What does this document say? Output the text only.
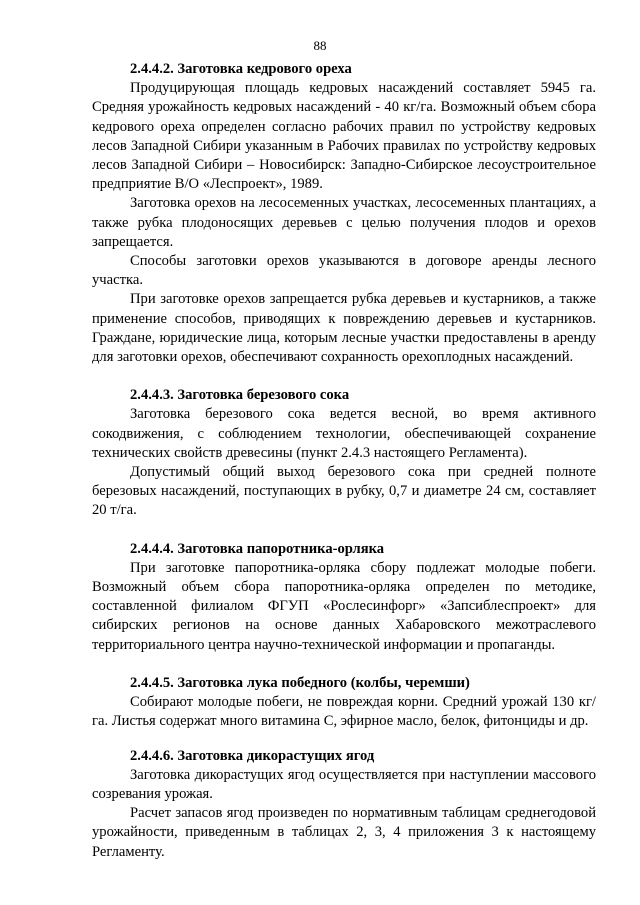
88

2.4.4.2. Заготовка кедрового ореха

Продуцирующая площадь кедровых насаждений составляет 5945 га. Средняя урожайность кедровых насаждений - 40 кг/га. Возможный объем сбора кедрового ореха определен согласно рабочих правил по устройству кедровых лесов Западной Сибири указанным в Рабочих правилах по устройству кедровых лесов Западной Сибири – Новосибирск: Западно-Сибирское лесоустроительное предприятие В/О «Леспроект», 1989.

Заготовка орехов на лесосеменных участках, лесосеменных плантациях, а также рубка плодоносящих деревьев с целью получения плодов и орехов запрещается.

Способы заготовки орехов указываются в договоре аренды лесного участка.

При заготовке орехов запрещается рубка деревьев и кустарников, а также применение способов, приводящих к повреждению деревьев и кустарников. Граждане, юридические лица, которым лесные участки предоставлены в аренду для заготовки орехов, обеспечивают сохранность орехоплодных насаждений.

2.4.4.3. Заготовка березового сока

Заготовка березового сока ведется весной, во время активного сокодвижения, с соблюдением технологии, обеспечивающей сохранение технических свойств древесины (пункт 2.4.3 настоящего Регламента).

Допустимый общий выход березового сока при средней полноте березовых насаждений, поступающих в рубку, 0,7 и диаметре 24 см, составляет 20 т/га.

2.4.4.4. Заготовка папоротника-орляка

При заготовке папоротника-орляка сбору подлежат молодые побеги. Возможный объем сбора папоротника-орляка определен по методике, составленной филиалом ФГУП «Рослесинфорг» «Запсиблеспроект» для сибирских регионов на основе данных Хабаровского межотраслевого территориального центра научно-технической информации и пропаганды.

2.4.4.5. Заготовка лука победного (колбы, черемши)

Собирают молодые побеги, не повреждая корни. Средний урожай 130 кг/га. Листья содержат много витамина С, эфирное масло, белок, фитонциды и др.

2.4.4.6. Заготовка дикорастущих ягод

Заготовка дикорастущих ягод осуществляется при наступлении массового созревания урожая.

Расчет запасов ягод произведен по нормативным таблицам среднегодовой урожайности, приведенным в таблицах 2, 3, 4 приложения 3 к настоящему Регламенту.
